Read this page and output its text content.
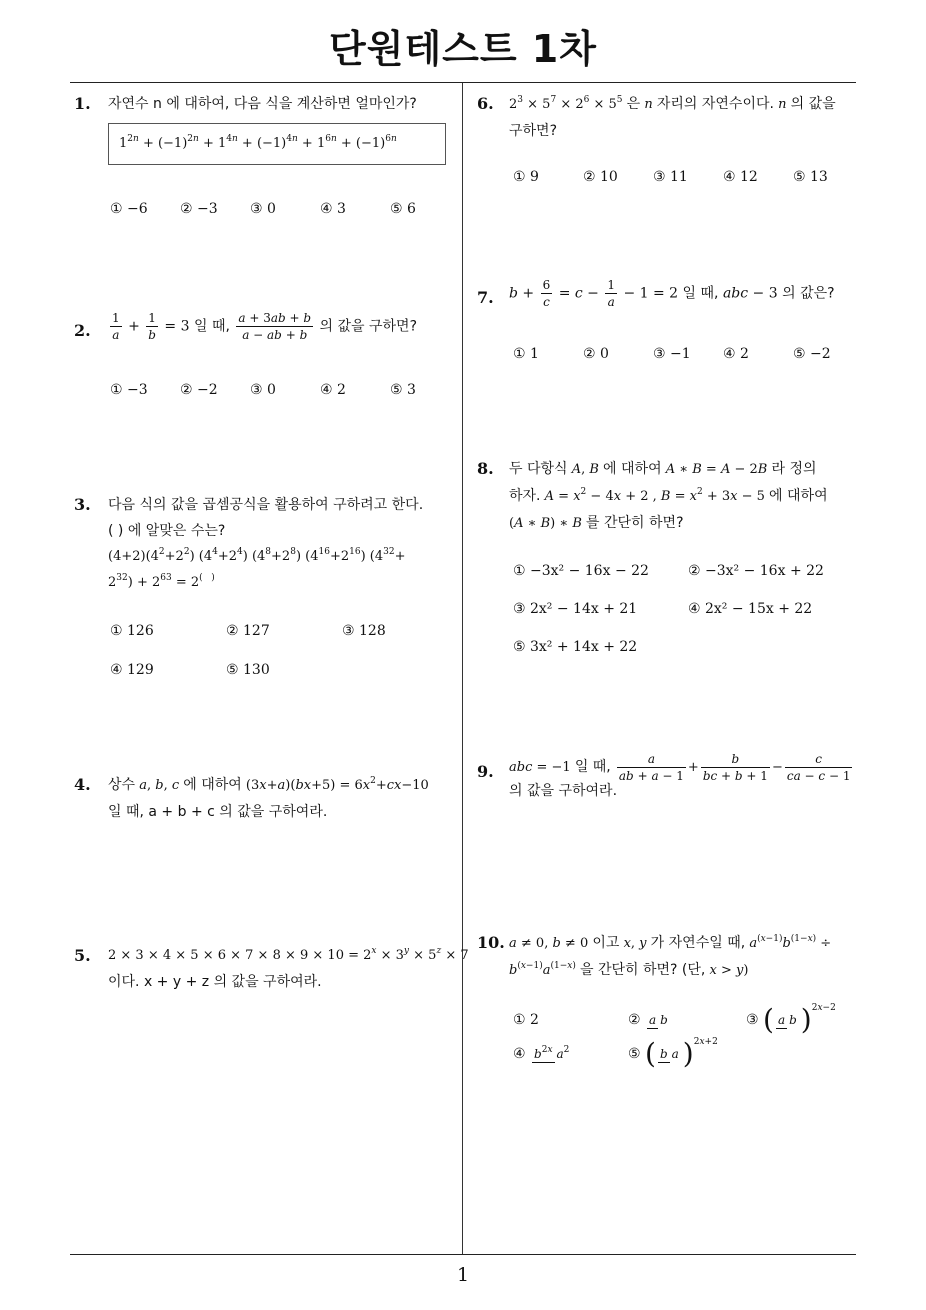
단원테스트 1차
1
1. 자연수 n 에 대하여, 다음 식을 계산하면 얼마인가?
$1^{2n} + (-1)^{2n} + 1^{4n} + (-1)^{4n} + 1^{6n} + (-1)^{6n}$
① −6 ② −3 ③ 0	④ 3	⑤ 6
2. $\frac{1}{a} + \frac{1}{b} = 3$ 일 때, $\frac{a + 3ab + b}{a - ab + b}$ 의 값을 구하면?
① −3 ② −2 ③ 0	④ 2	⑤ 3
3. 다음 식의 값을 곱셈공식을 활용하여 구하려고 한다.
( ) 에 알맞은 수는?
$(4+2)(4^2+2^2)$ $(4^4+2^4)$ $(4^8+2^8)$ $(4^{16}+2^{16})$ ($4^{32}+$
$2^{32}) + 2^{63} = 2^{( )}$
① 126	② 127	③ 128
④ 129	⑤ 130
4. 상수 a, b, c 에 대하여 $(3x+a)(bx+5) = 6x^2+cx-10$
일 때, a + b + c 의 값을 구하여라.
5. $2 \times 3 \times 4 \times 5 \times 6 \times 7 \times 8 \times 9 \times 10 = 2^x \times 3^y \times 5^z \times 7$
이다. x + y + z 의 값을 구하여라.
6. $2^3 \times 5^7 \times 2^6 \times 5^5$ 은 n 자리의 자연수이다. n 의 값을
구하면?
① 9	② 10	③ 11	④ 12	⑤ 13
7. $b + \frac{6}{c} = c - \frac{1}{a} - 1 = 2$ 일 때, abc − 3 의 값은?
① 1	② 0	③ −1 ④ 2	⑤ −2
8. 두 다항식 A, B 에 대하여 A ∗ B = A − 2B 라 정의
하자. $A = x^2 - 4x + 2$ , $B = x^2 + 3x - 5$ 에 대하여
(A ∗ B) ∗ B 를 간단히 하면?
① −3x² − 16x − 22	② −3x² − 16x + 22
③ 2x² − 14x + 21	④ 2x² − 15x + 22
⑤ 3x² + 14x + 22
9. abc = −1 일 때, $\frac{a}{ab + a - 1} + \frac{b}{bc + b + 1} - \frac{c}{ca - c - 1}$
의 값을 구하여라.
10. a ≠ 0, b ≠ 0 이고 x, y 가 자연수일 때, $a^{(x-1)}b^{(1-x)}$ ÷
$b^{(x-1)}a^{(1-x)}$ 을 간단히 하면? (단, x > y)
① 2	② a b	③ ( a b )$^{2x-2}$
④ $b^{2x}$ $a^2$	⑤ ( b a )$^{2x+2}$
